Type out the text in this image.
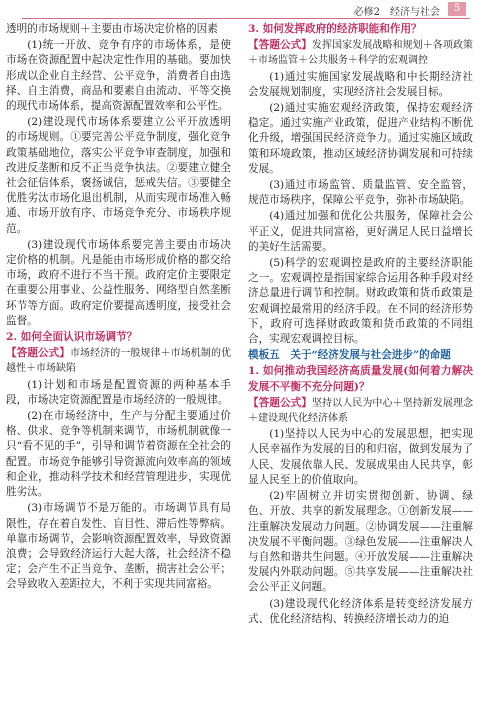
必修2　经济与社会	5

透明的市场规则＋主要由市场决定价格的因素

(1)统一开放、竞争有序的市场体系，是使市场在资源配置中起决定性作用的基础。要加快形成以企业自主经营、公平竞争，消费者自由选择、自主消费，商品和要素自由流动、平等交换的现代市场体系，提高资源配置效率和公平性。

(2)建设现代市场体系要建立公平开放透明的市场规则。①要完善公平竞争制度，强化竞争政策基础地位，落实公平竞争审查制度，加强和改进反垄断和反不正当竞争执法。②要建立健全社会征信体系，褒扬诚信，惩戒失信。③要健全优胜劣汰市场化退出机制，从而实现市场准入畅通、市场开放有序、市场竞争充分、市场秩序规范。

(3)建设现代市场体系要完善主要由市场决定价格的机制。凡是能由市场形成价格的都交给市场，政府不进行不当干预。政府定价主要限定在重要公用事业、公益性服务、网络型自然垄断环节等方面。政府定价要提高透明度，接受社会监督。

2. 如何全面认识市场调节？

【答题公式】市场经济的一般规律＋市场机制的优越性＋市场缺陷

(1)计划和市场是配置资源的两种基本手段，市场决定资源配置是市场经济的一般规律。

(2)在市场经济中，生产与分配主要通过价格、供求、竞争等机制来调节，市场机制就像一只“看不见的手”，引导和调节着资源在全社会的配置。市场竞争能够引导资源流向效率高的领域和企业，推动科学技术和经营管理进步，实现优胜劣汰。

(3)市场调节不是万能的。市场调节具有局限性，存在着自发性、盲目性、滞后性等弊病。单靠市场调节，会影响资源配置效率，导致资源浪费；会导致经济运行大起大落，社会经济不稳定；会产生不正当竞争、垄断，损害社会公平；会导致收入差距拉大，不利于实现共同富裕。

3. 如何发挥政府的经济职能和作用？

【答题公式】发挥国家发展战略和规划＋各项政策＋市场监管＋公共服务＋科学的宏观调控

(1)通过实施国家发展战略和中长期经济社会发展规划制度，实现经济社会发展目标。

(2)通过实施宏观经济政策，保持宏观经济稳定。通过实施产业政策，促进产业结构不断优化升级，增强国民经济竞争力。通过实施区域政策和环境政策，推动区域经济协调发展和可持续发展。

(3)通过市场监管、质量监管、安全监管，规范市场秩序，保障公平竞争，弥补市场缺陷。

(4)通过加强和优化公共服务，保障社会公平正义，促进共同富裕，更好满足人民日益增长的美好生活需要。

(5)科学的宏观调控是政府的主要经济职能之一。宏观调控是指国家综合运用各种手段对经济总量进行调节和控制。财政政策和货币政策是宏观调控最常用的经济手段。在不同的经济形势下，政府可选择财政政策和货币政策的不同组合，实现宏观调控目标。

模板五　关于“经济发展与社会进步”的命题

1. 如何推动我国经济高质量发展(如何着力解决发展不平衡不充分问题)？

【答题公式】坚持以人民为中心＋坚持新发展理念＋建设现代化经济体系

(1)坚持以人民为中心的发展思想，把实现人民幸福作为发展的目的和归宿，做到发展为了人民、发展依靠人民、发展成果由人民共享，彰显人民至上的价值取向。

(2)牢固树立并切实贯彻创新、协调、绿色、开放、共享的新发展理念。①创新发展——注重解决发展动力问题。②协调发展——注重解决发展不平衡问题。③绿色发展——注重解决人与自然和谐共生问题。④开放发展——注重解决发展内外联动问题。⑤共享发展——注重解决社会公平正义问题。

(3)建设现代化经济体系是转变经济发展方式、优化经济结构、转换经济增长动力的迫
